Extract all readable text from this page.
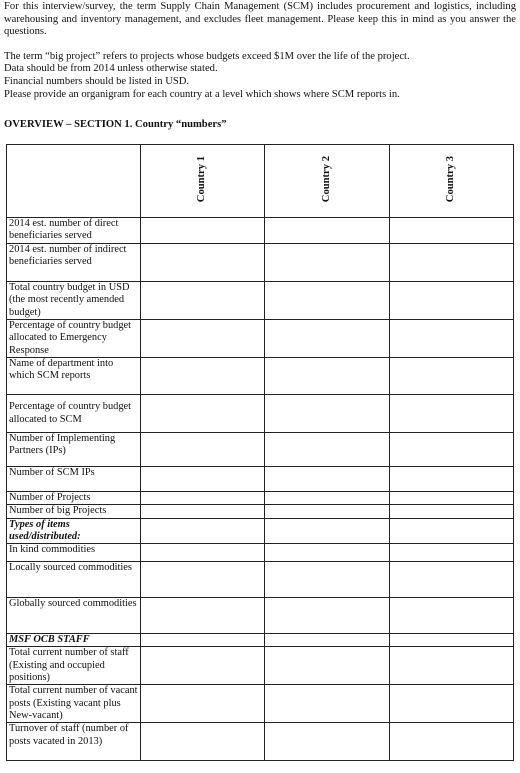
For this interview/survey, the term Supply Chain Management (SCM) includes procurement and logistics, including warehousing and inventory management, and excludes fleet management. Please keep this in mind as you answer the questions.

The term “big project” refers to projects whose budgets exceed $1M over the life of the project.

Data should be from 2014 unless otherwise stated.

Financial numbers should be listed in USD.

Please provide an organigram for each country at a level which shows where SCM reports in.

OVERVIEW – SECTION 1. Country “numbers”
	Country 1	Country 2	Country 3
2014 est. number of direct beneficiaries served			
2014 est. number of indirect beneficiaries served			
Total country budget in USD (the most recently amended budget)			
Percentage of country budget allocated to Emergency Response			
Name of department into which SCM reports			
Percentage of country budget allocated to SCM			
Number of Implementing Partners (IPs)			
Number of SCM IPs			
Number of Projects			
Number of big Projects			
Types of items used/distributed:			
In kind commodities			
Locally sourced commodities			
Globally sourced commodities			
MSF OCB STAFF			
Total current number of staff (Existing and occupied positions)			
Total current number of vacant posts (Existing vacant plus New-vacant)			
Turnover of staff (number of posts vacated in 2013)			
